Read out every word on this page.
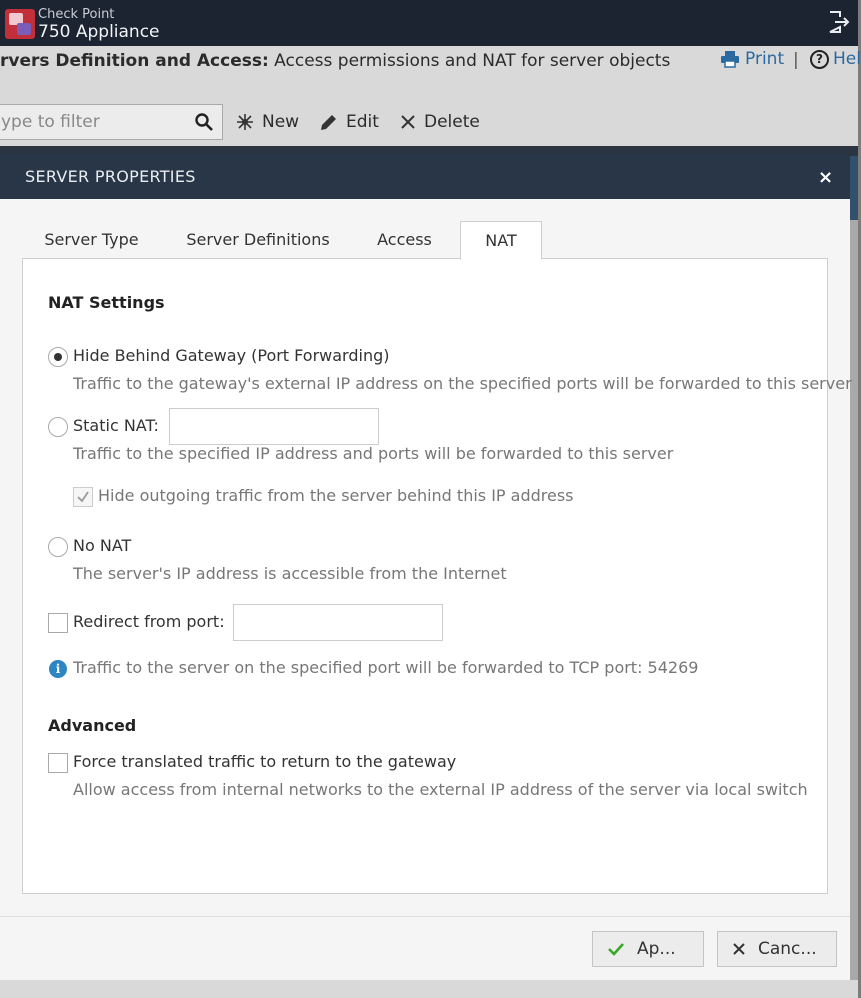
Check Point
750 Appliance
rvers Definition and Access: Access permissions and NAT for server objects	Print |	? Hel
ype to filter
New	Edit	Delete
SERVER PROPERTIES	×
Server Type	Server Definitions	Access	NAT
NAT Settings
Hide Behind Gateway (Port Forwarding)
Traffic to the gateway's external IP address on the specified ports will be forwarded to this server
Static NAT:
Traffic to the specified IP address and ports will be forwarded to this server
Hide outgoing traffic from the server behind this IP address
No NAT
The server's IP address is accessible from the Internet
Redirect from port:
i Traffic to the server on the specified port will be forwarded to TCP port: 54269
Advanced
Force translated traffic to return to the gateway
Allow access from internal networks to the external IP address of the server via local switch
Ap...	Canc...
